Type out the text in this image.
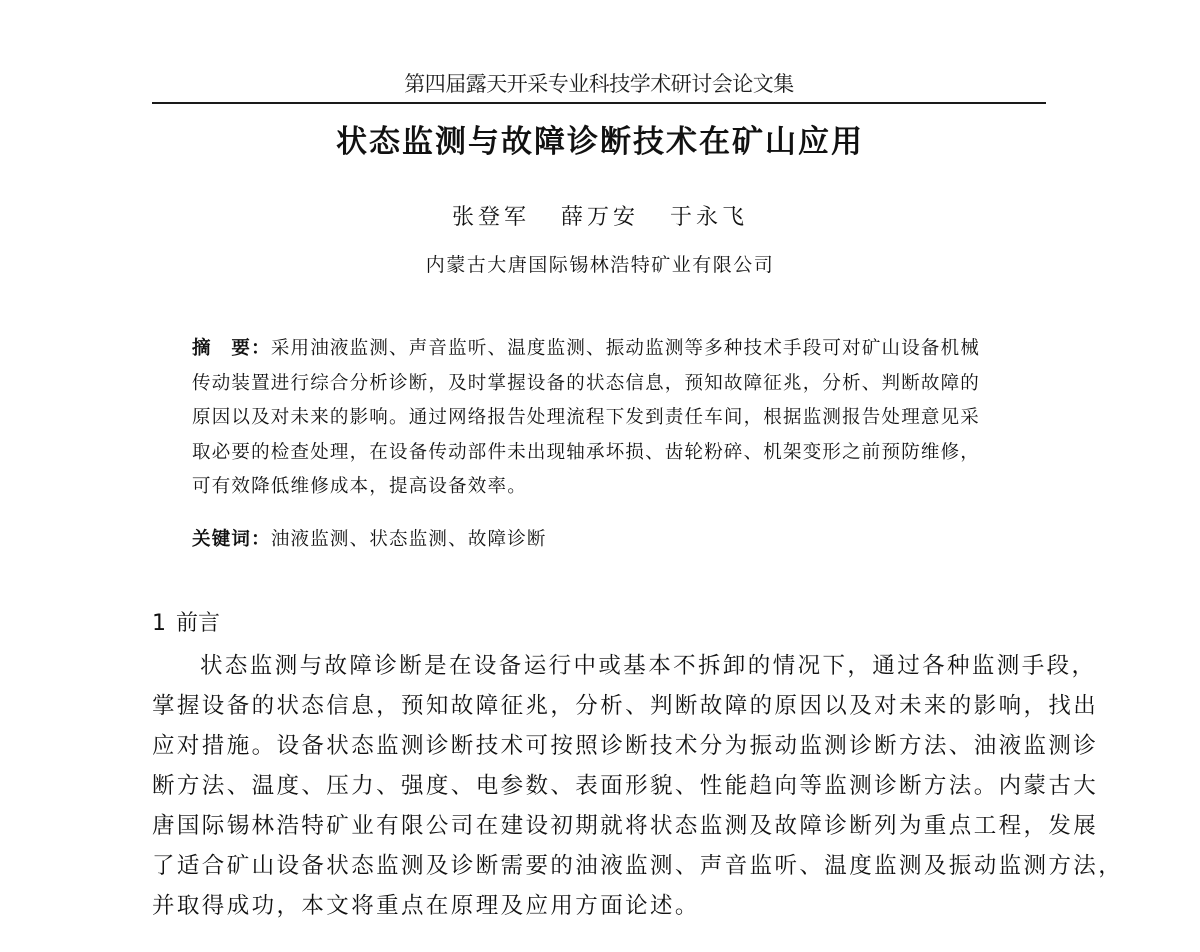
第四届露天开采专业科技学术研讨会论文集
状态监测与故障诊断技术在矿山应用
张登军 薛万安 于永飞
内蒙古大唐国际锡林浩特矿业有限公司
摘　要：采用油液监测、声音监听、温度监测、振动监测等多种技术手段可对矿山设备机械
传动装置进行综合分析诊断，及时掌握设备的状态信息，预知故障征兆，分析、判断故障的
原因以及对未来的影响。通过网络报告处理流程下发到责任车间，根据监测报告处理意见采
取必要的检查处理，在设备传动部件未出现轴承坏损、齿轮粉碎、机架变形之前预防维修，
可有效降低维修成本，提高设备效率。
关键词：油液监测、状态监测、故障诊断
1 前言
状态监测与故障诊断是在设备运行中或基本不拆卸的情况下，通过各种监测手段，
掌握设备的状态信息，预知故障征兆，分析、判断故障的原因以及对未来的影响，找出
应对措施。设备状态监测诊断技术可按照诊断技术分为振动监测诊断方法、油液监测诊
断方法、温度、压力、强度、电参数、表面形貌、性能趋向等监测诊断方法。内蒙古大
唐国际锡林浩特矿业有限公司在建设初期就将状态监测及故障诊断列为重点工程，发展
了适合矿山设备状态监测及诊断需要的油液监测、声音监听、温度监测及振动监测方法，
并取得成功，本文将重点在原理及应用方面论述。
